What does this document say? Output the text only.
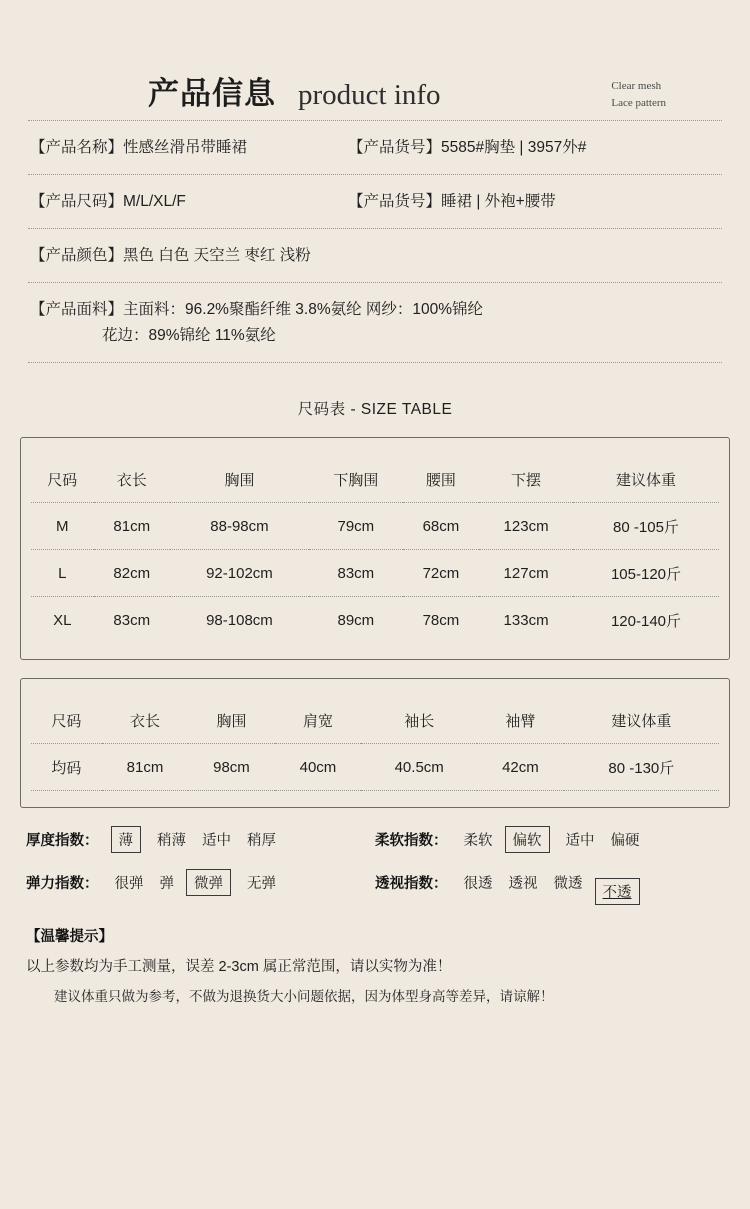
产品信息 product info	Clear mesh
Lace pattern
【产品名称】性感丝滑吊带睡裙	【产品货号】5585#胸垫 | 3957外#
【产品尺码】M/L/XL/F	【产品货号】睡裙 | 外袍+腰带
【产品颜色】黑色 白色 天空兰 枣红 浅粉
【产品面料】主面料：96.2%聚酯纤维 3.8%氨纶 网纱：100%锦纶
花边：89%锦纶 11%氨纶
尺码表 - SIZE TABLE
尺码	衣长	胸围	下胸围	腰围	下摆	建议体重
M	81cm	88-98cm	79cm	68cm	123cm	80 -105斤
L	82cm	92-102cm	83cm	72cm	127cm	105-120斤
XL	83cm	98-108cm	89cm	78cm	133cm	120-140斤
尺码	衣长	胸围	肩宽	袖长	袖臂	建议体重
均码	81cm	98cm	40cm	40.5cm	42cm	80 -130斤
厚度指数：	薄	稍薄 适中 稍厚	柔软指数： 柔软	偏软	适中 偏硬
弹力指数： 很弹 弹	微弹	无弹	透视指数： 很透 透视 微透
不透
【温馨提示】
以上参数均为手工测量，误差 2-3cm 属正常范围，请以实物为准！
建议体重只做为参考，不做为退换货大小问题依据，因为体型身高等差异，请谅解！
